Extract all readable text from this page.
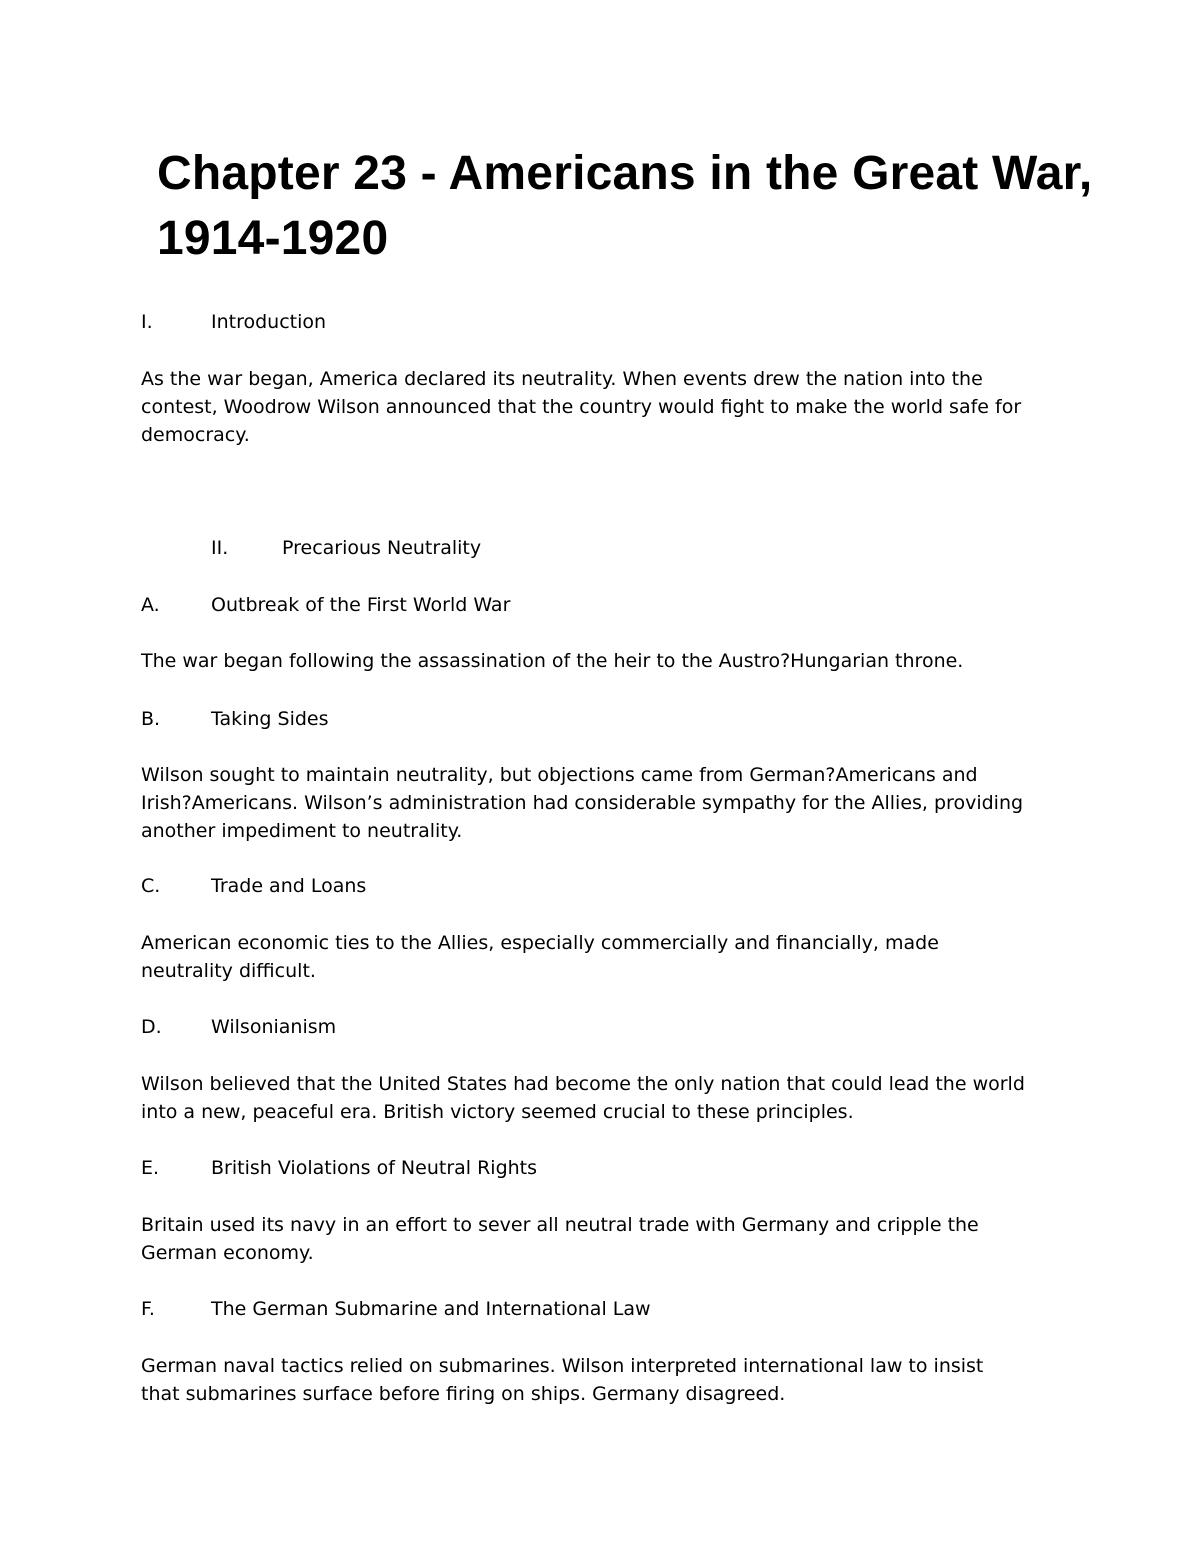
Chapter 23 - Americans in the Great War, 1914-1920
I.	Introduction
As the war began, America declared its neutrality. When events drew the nation into the
contest, Woodrow Wilson announced that the country would fight to make the world safe for
democracy.
II.	Precarious Neutrality
A.	Outbreak of the First World War
The war began following the assassination of the heir to the Austro?Hungarian throne.
B.	Taking Sides
Wilson sought to maintain neutrality, but objections came from German?Americans and
Irish?Americans. Wilson’s administration had considerable sympathy for the Allies, providing
another impediment to neutrality.
C.	Trade and Loans
American economic ties to the Allies, especially commercially and financially, made
neutrality difficult.
D.	Wilsonianism
Wilson believed that the United States had become the only nation that could lead the world
into a new, peaceful era. British victory seemed crucial to these principles.
E.	British Violations of Neutral Rights
Britain used its navy in an effort to sever all neutral trade with Germany and cripple the
German economy.
F.	The German Submarine and International Law
German naval tactics relied on submarines. Wilson interpreted international law to insist
that submarines surface before firing on ships. Germany disagreed.
